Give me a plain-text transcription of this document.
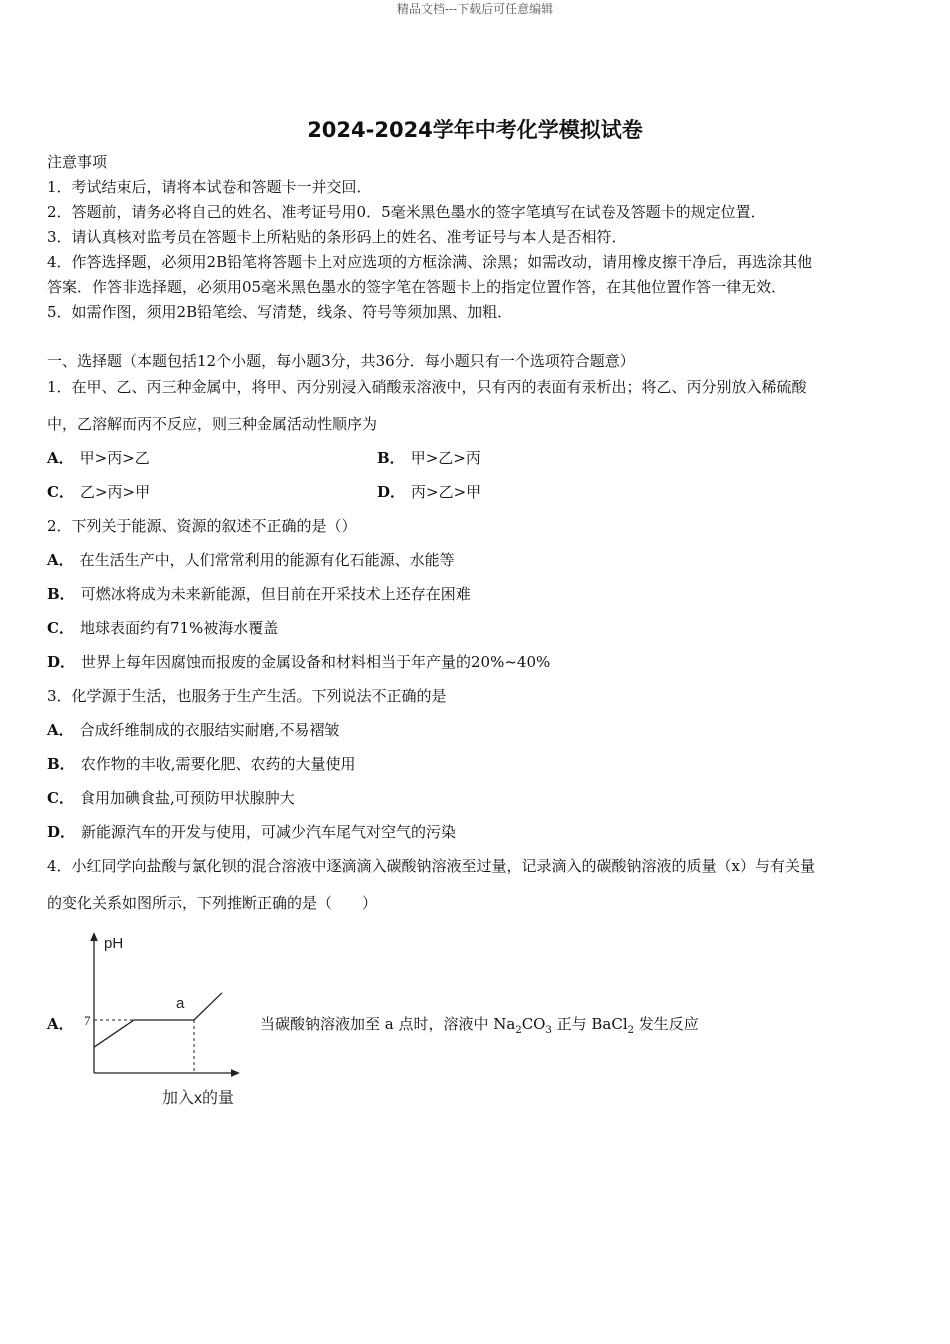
精品文档---下载后可任意编辑
2024-2024学年中考化学模拟试卷
注意事项
1．考试结束后，请将本试卷和答题卡一并交回．
2．答题前，请务必将自己的姓名、准考证号用0．5毫米黑色墨水的签字笔填写在试卷及答题卡的规定位置．
3．请认真核对监考员在答题卡上所粘贴的条形码上的姓名、准考证号与本人是否相符．
4．作答选择题，必须用2B铅笔将答题卡上对应选项的方框涂满、涂黑；如需改动，请用橡皮擦干净后，再选涂其他
答案．作答非选择题，必须用05毫米黑色墨水的签字笔在答题卡上的指定位置作答，在其他位置作答一律无效．
5．如需作图，须用2B铅笔绘、写清楚，线条、符号等须加黑、加粗．
一、选择题（本题包括12个小题，每小题3分，共36分．每小题只有一个选项符合题意）
1．在甲、乙、丙三种金属中，将甲、丙分别浸入硝酸汞溶液中，只有丙的表面有汞析出；将乙、丙分别放入稀硫酸
中，乙溶解而丙不反应，则三种金属活动性顺序为
A． 甲>丙>乙	B． 甲>乙>丙
C． 乙>丙>甲	D． 丙>乙>甲
2．下列关于能源、资源的叙述不正确的是（）
A． 在生活生产中，人们常常利用的能源有化石能源、水能等
B． 可燃冰将成为未来新能源，但目前在开采技术上还存在困难
C． 地球表面约有71%被海水覆盖
D． 世界上每年因腐蚀而报废的金属设备和材料相当于年产量的20%~40%
3．化学源于生活，也服务于生产生活。下列说法不正确的是
A． 合成纤维制成的衣服结实耐磨,不易褶皱
B． 农作物的丰收,需要化肥、农药的大量使用
C． 食用加碘食盐,可预防甲状腺肿大
D． 新能源汽车的开发与使用，可减少汽车尾气对空气的污染
4．小红同学向盐酸与氯化钡的混合溶液中逐滴滴入碳酸钠溶液至过量，记录滴入的碳酸钠溶液的质量（x）与有关量
的变化关系如图所示，下列推断正确的是（　　）
A．
pH
加入x的量
7
a
当碳酸钠溶液加至 a 点时，溶液中 $Na_2CO_3$ 正与 BaCl$_2$ 发生反应
